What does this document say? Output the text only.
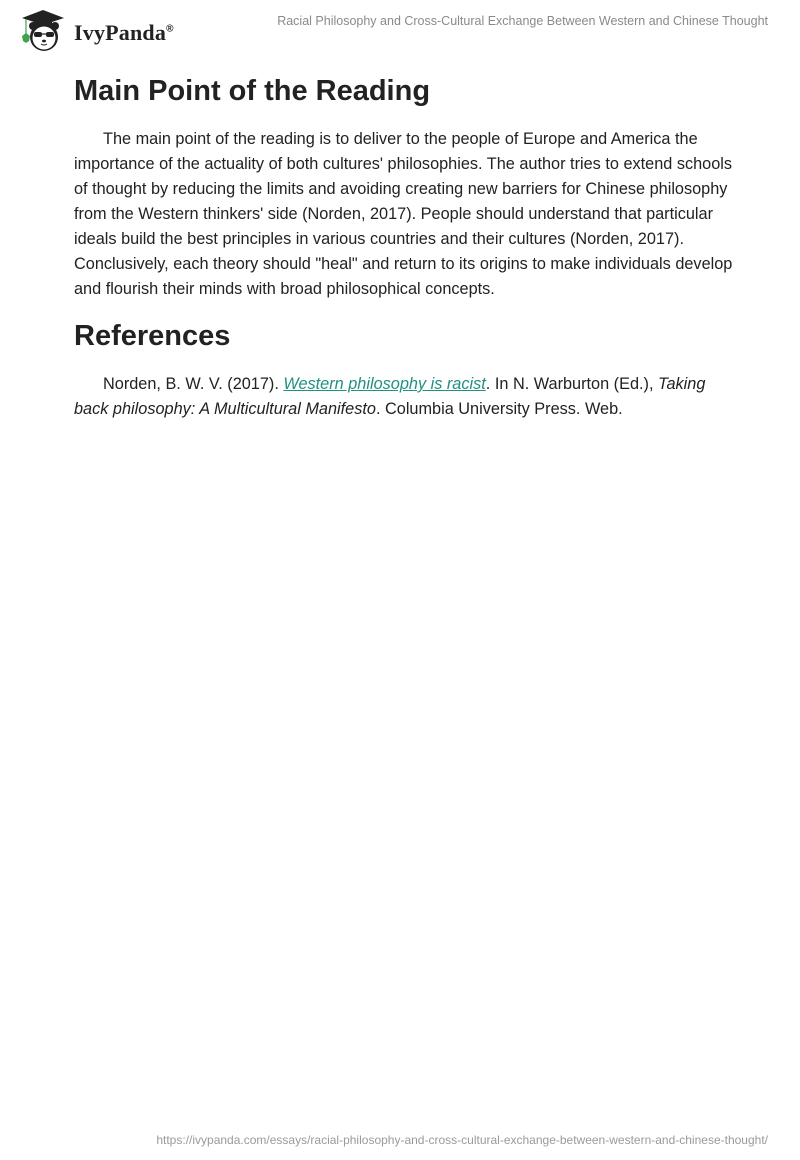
IvyPanda®
Racial Philosophy and Cross-Cultural Exchange Between Western and Chinese Thought
Main Point of the Reading

The main point of the reading is to deliver to the people of Europe and America the importance of the actuality of both cultures' philosophies. The author tries to extend schools of thought by reducing the limits and avoiding creating new barriers for Chinese philosophy from the Western thinkers' side (Norden, 2017). People should understand that particular ideals build the best principles in various countries and their cultures (Norden, 2017). Conclusively, each theory should "heal" and return to its origins to make individuals develop and flourish their minds with broad philosophical concepts.

References

Norden, B. W. V. (2017). Western philosophy is racist. In N. Warburton (Ed.), Taking back philosophy: A Multicultural Manifesto. Columbia University Press. Web.

https://ivypanda.com/essays/racial-philosophy-and-cross-cultural-exchange-between-western-and-chinese-thought/
